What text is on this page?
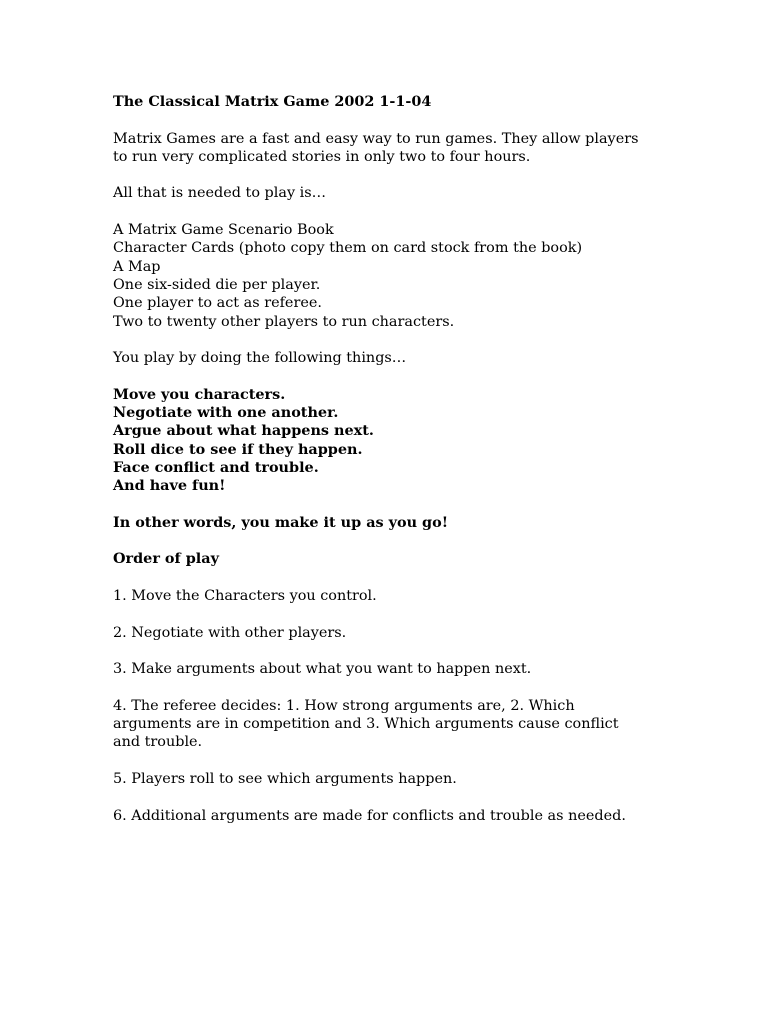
The Classical Matrix Game 2002 1-1-04
Matrix Games are a fast and easy way to run games. They allow players
to run very complicated stories in only two to four hours.
All that is needed to play is…
A Matrix Game Scenario Book
Character Cards (photo copy them on card stock from the book)
A Map
One six-sided die per player.
One player to act as referee.
Two to twenty other players to run characters.
You play by doing the following things…
Move you characters.
Negotiate with one another.
Argue about what happens next.
Roll dice to see if they happen.
Face conflict and trouble.
And have fun!
In other words, you make it up as you go!
Order of play
1. Move the Characters you control.
2. Negotiate with other players.
3. Make arguments about what you want to happen next.
4. The referee decides: 1. How strong arguments are, 2. Which
arguments are in competition and 3. Which arguments cause conflict
and trouble.
5. Players roll to see which arguments happen.
6. Additional arguments are made for conflicts and trouble as needed.
